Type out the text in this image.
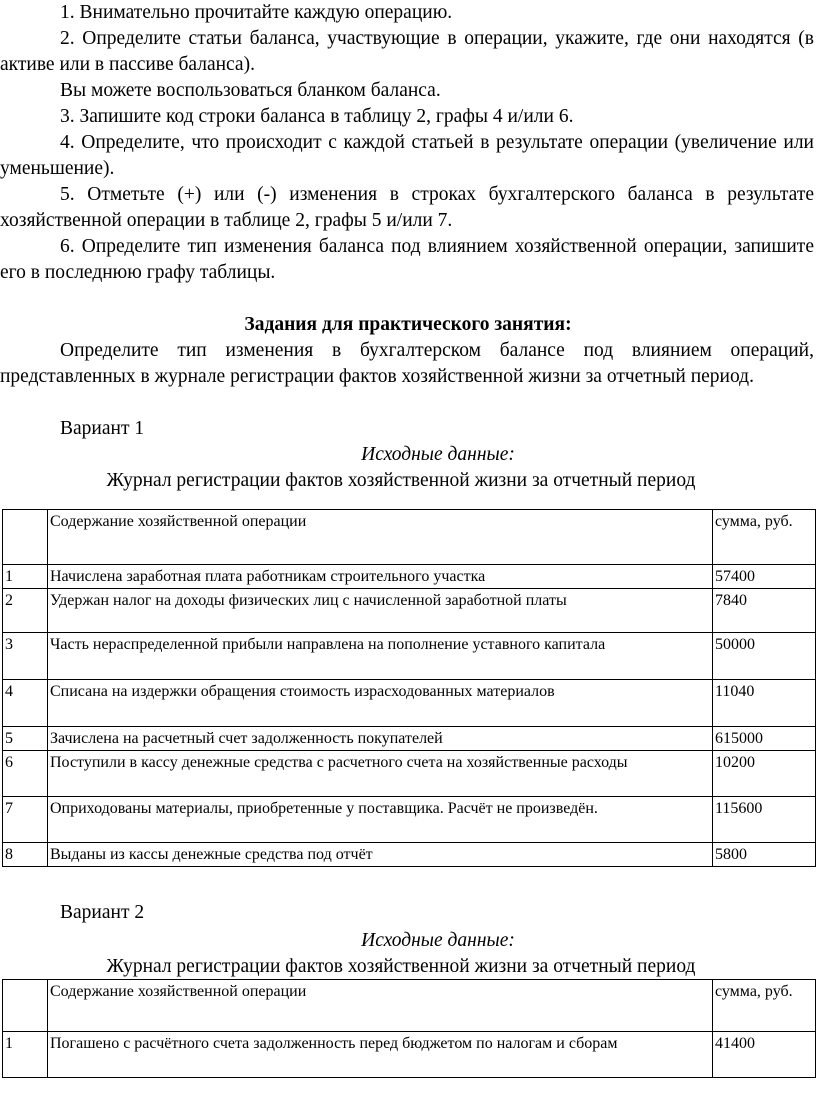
1. Внимательно прочитайте каждую операцию.

2. Определите статьи баланса, участвующие в операции, укажите, где они находятся (в активе или в пассиве баланса).

Вы можете воспользоваться бланком баланса.

3. Запишите код строки баланса в таблицу 2, графы 4 и/или 6.

4. Определите, что происходит с каждой статьей в результате операции (увеличение или уменьшение).

5. Отметьте (+) или (-) изменения в строках бухгалтерского баланса в результате хозяйственной операции в таблице 2, графы 5 и/или 7.

6. Определите тип изменения баланса под влиянием хозяйственной операции, запишите его в последнюю графу таблицы.

Задания для практического занятия:

Определите тип изменения в бухгалтерском балансе под влиянием операций, представленных в журнале регистрации фактов хозяйственной жизни за отчетный период.

Вариант 1
Исходные данные:
Журнал регистрации фактов хозяйственной жизни за отчетный период
	Содержание хозяйственной операции	сумма, руб.
1	Начислена заработная плата работникам строительного участка	57400
2	Удержан налог на доходы физических лиц с начисленной заработной платы	7840
3	Часть нераспределенной прибыли направлена на пополнение уставного капитала	50000
4	Списана на издержки обращения стоимость израсходованных материалов	11040
5	Зачислена на расчетный счет задолженность покупателей	615000
6	Поступили в кассу денежные средства с расчетного счета на хозяйственные расходы	10200
7	Оприходованы материалы, приобретенные у поставщика. Расчёт не произведён.	115600
8	Выданы из кассы денежные средства под отчёт	5800
Вариант 2
Исходные данные:
Журнал регистрации фактов хозяйственной жизни за отчетный период
	Содержание хозяйственной операции	сумма, руб.
1	Погашено с расчётного счета задолженность перед бюджетом по налогам и сборам	41400
